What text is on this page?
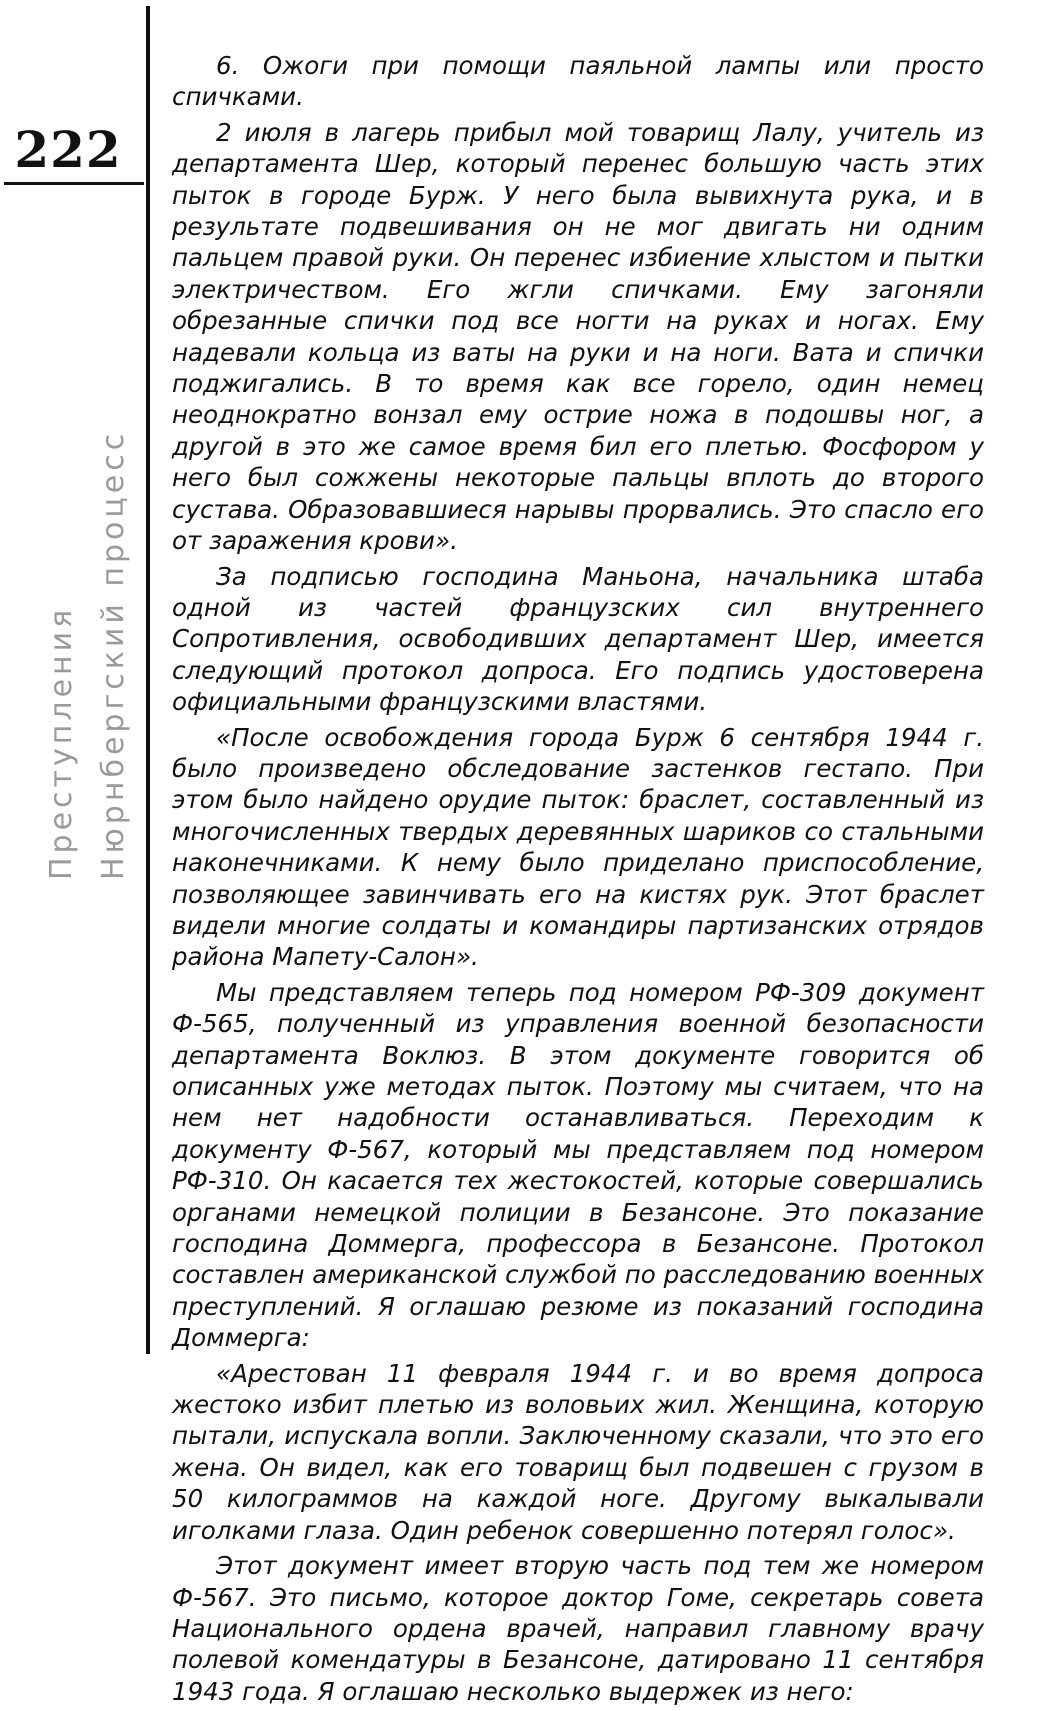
222
Преступления Нюрнбергский процесс

6. Ожоги при помощи паяльной лампы или просто спичками.

2 июля в лагерь прибыл мой товарищ Лалу, учитель из департамента Шер, который перенес большую часть этих пыток в городе Бурж. У него была вывихнута рука, и в результате подвешивания он не мог двигать ни одним пальцем правой руки. Он перенес избиение хлыстом и пытки электричеством. Его жгли спичками. Ему загоняли обрезанные спички под все ногти на руках и ногах. Ему надевали кольца из ваты на руки и на ноги. Вата и спички поджигались. В то время как все горело, один немец неоднократно вонзал ему острие ножа в подошвы ног, а другой в это же самое время бил его плетью. Фосфором у него был сожжены некоторые пальцы вплоть до второго сустава. Образовавшиеся нарывы прорвались. Это спасло его от заражения крови».

За подписью господина Маньона, начальника штаба одной из частей французских сил внутреннего Сопротивления, освободивших департамент Шер, имеется следующий протокол допроса. Его подпись удостоверена официальными французскими властями.

«После освобождения города Бурж 6 сентября 1944 г. было произведено обследование застенков гестапо. При этом было найдено орудие пыток: браслет, составленный из многочисленных твердых деревянных шариков со стальными наконечниками. К нему было приделано приспособление, позволяющее завинчивать его на кистях рук. Этот браслет видели многие солдаты и командиры партизанских отрядов района Мапету-Салон».

Мы представляем теперь под номером РФ-309 документ Ф-565, полученный из управления военной безопасности департамента Воклюз. В этом документе говорится об описанных уже методах пыток. Поэтому мы считаем, что на нем нет надобности останавливаться. Переходим к документу Ф-567, который мы представляем под номером РФ-310. Он касается тех жестокостей, которые совершались органами немецкой полиции в Безансоне. Это показание господина Доммерга, профессора в Безансоне. Протокол составлен американской службой по расследованию военных преступлений. Я оглашаю резюме из показаний господина Доммерга:

«Арестован 11 февраля 1944 г. и во время допроса жестоко избит плетью из воловьих жил. Женщина, которую пытали, испускала вопли. Заключенному сказали, что это его жена. Он видел, как его товарищ был подвешен с грузом в 50 килограммов на каждой ноге. Другому выкалывали иголками глаза. Один ребенок совершенно потерял голос».

Этот документ имеет вторую часть под тем же номером Ф-567. Это письмо, которое доктор Гоме, секретарь совета Национального ордена врачей, направил главному врачу полевой комендатуры в Безансоне, датировано 11 сентября 1943 года. Я оглашаю несколько выдержек из него:
